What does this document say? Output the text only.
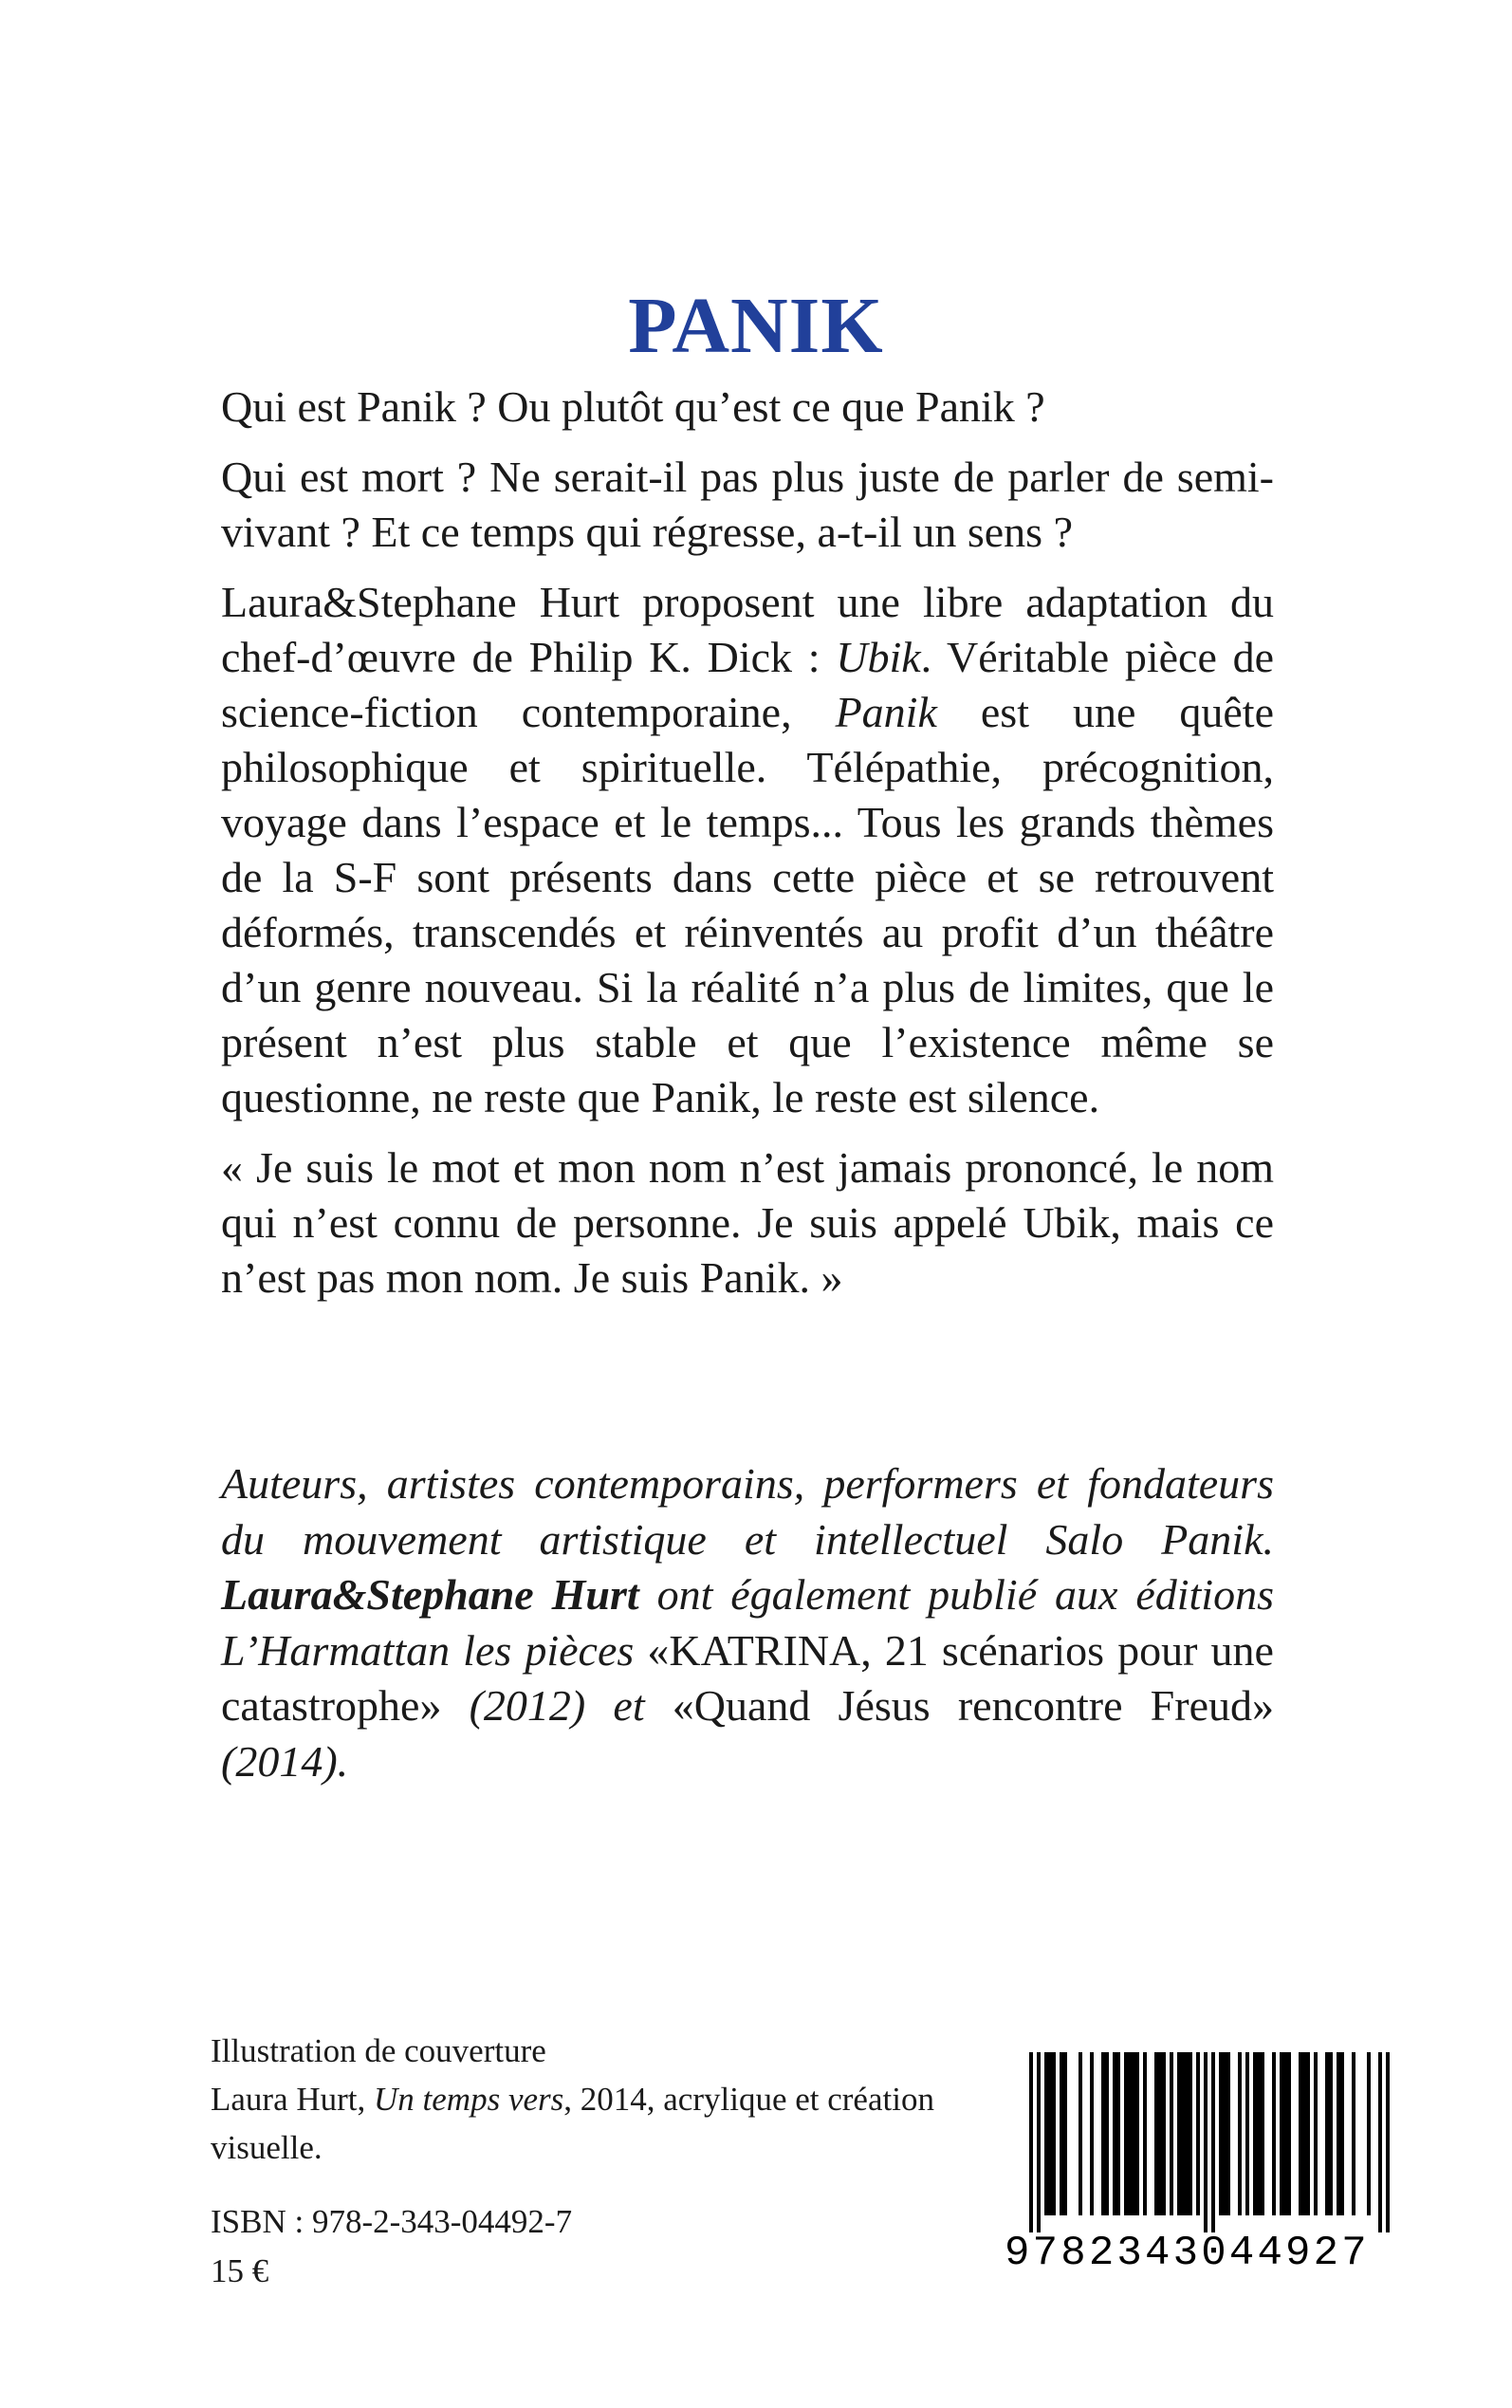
PANIK

Qui est Panik ? Ou plutôt qu’est ce que Panik ?

Qui est mort ? Ne serait-il pas plus juste de parler de semi-vivant ? Et ce temps qui régresse, a-t-il un sens ?

Laura&Stephane Hurt proposent une libre adaptation du chef-d’œuvre de Philip K. Dick : Ubik. Véritable pièce de science-fiction contemporaine, Panik est une quête philosophique et spirituelle. Télépathie, précognition, voyage dans l’espace et le temps... Tous les grands thèmes de la S-F sont présents dans cette pièce et se retrouvent déformés, transcendés et réinventés au profit d’un théâtre d’un genre nouveau. Si la réalité n’a plus de limites, que le présent n’est plus stable et que l’existence même se questionne, ne reste que Panik, le reste est silence.

« Je suis le mot et mon nom n’est jamais prononcé, le nom qui n’est connu de personne. Je suis appelé Ubik, mais ce n’est pas mon nom. Je suis Panik. »

Auteurs, artistes contemporains, performers et fondateurs du mouvement artistique et intellectuel Salo Panik. Laura&Stephane Hurt ont également publié aux éditions L’Harmattan les pièces «KATRINA, 21 scénarios pour une catastrophe» (2012) et «Quand Jésus rencontre Freud» (2014).

Illustration de couverture

Laura Hurt, Un temps vers, 2014, acrylique et création visuelle.

ISBN : 978-2-343-04492-7
15 €	9782343044927
